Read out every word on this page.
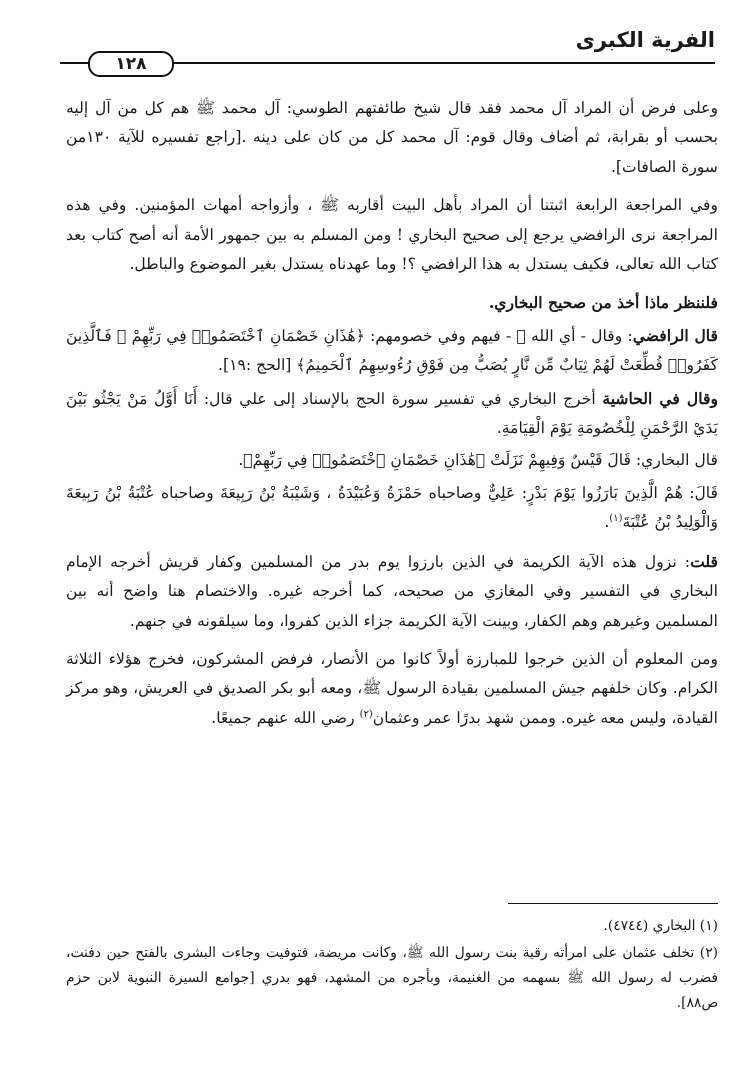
الفرية الكبرى
١٢٨

وعلى فرض أن المراد آل محمد فقد قال شيخ طائفتهم الطوسي: آل محمد ﷺ هم كل من آل إليه بحسب أو بقرابة، ثم أضاف وقال قوم: آل محمد كل من كان على دينه .[راجع تفسيره للآية ١٣٠من سورة الصافات].

وفي المراجعة الرابعة اثبتنا أن المراد بأهل البيت أقاربه ﷺ ، وأزواجه أمهات المؤمنين. وفي هذه المراجعة نرى الرافضي يرجع إلى صحيح البخاري ! ومن المسلم به بين جمهور الأمة أنه أصح كتاب بعد كتاب الله تعالى، فكيف يستدل به هذا الرافضي ؟! وما عهدناه يستدل بغير الموضوع والباطل.

فلننظر ماذا أخذ من صحيح البخاري.

قال الرافضي: وقال - أي الله ﷻ - فيهم وفي خصومهم: ﴿هَٰذَانِ خَصْمَانِ ٱخْتَصَمُوا۟ فِي رَبِّهِمْ ۖ فَٱلَّذِينَ كَفَرُوا۟ قُطِّعَتْ لَهُمْ ثِيَابٌ مِّن نَّارٍ يُصَبُّ مِن فَوْقِ رُءُوسِهِمُ ٱلْحَمِيمُ﴾ [الحج :١٩].

وقال في الحاشية أخرج البخاري في تفسير سورة الحج بالإسناد إلى علي قال: أَنَا أَوَّلُ مَنْ يَجْثُو بَيْنَ يَدَيْ الرَّحْمَنِ لِلْخُصُومَةِ يَوْمَ الْقِيَامَةِ.

قال البخاري: قَالَ قَيْسٌ وَفِيهِمْ نَزَلَتْ ﴿هَٰذَانِ خَصْمَانِ ٱخْتَصَمُوا۟ فِي رَبِّهِمْ﴾.

قَالَ: هُمْ الَّذِينَ بَارَزُوا يَوْمَ بَدْرٍ: عَلِيٌّ وصاحباه حَمْزَةُ وَعُبَيْدَةُ ، وَشَيْبَةُ بْنُ رَبِيعَةَ وصاحباه عُتْبَةُ بْنُ رَبِيعَةَ وَالْوَلِيدُ بْنُ عُتْبَةَ$^{(١)}$.

قلت: نزول هذه الآية الكريمة في الذين بارزوا يوم بدر من المسلمين وكفار قريش أخرجه الإمام البخاري في التفسير وفي المغازي من صحيحه، كما أخرجه غيره. والاختصام هنا واضح أنه بين المسلمين وغيرهم وهم الكفار، وبينت الآية الكريمة جزاء الذين كفروا، وما سيلقونه في جنهم.

ومن المعلوم أن الذين خرجوا للمبارزة أولاً كانوا من الأنصار، فرفض المشركون، فخرج هؤلاء الثلاثة الكرام. وكان خلفهم جيش المسلمين بقيادة الرسول ﷺ، ومعه أبو بكر الصديق في العريش، وهو مركز القيادة، وليس معه غيره. وممن شهد بدرًا عمر وعثمان$^{(٢)}$ رضي الله عنهم جميعًا.

(١) البخاري (٤٧٤٤).

(٢) تخلف عثمان على امرأته رقية بنت رسول الله ﷺ، وكانت مريضة، فتوفيت وجاءت البشرى بالفتح حين دفنت، فضرب له رسول الله ﷺ بسهمه من الغنيمة، وبأجره من المشهد، فهو بدري [جوامع السيرة النبوية لابن حزم ص٨٨].
